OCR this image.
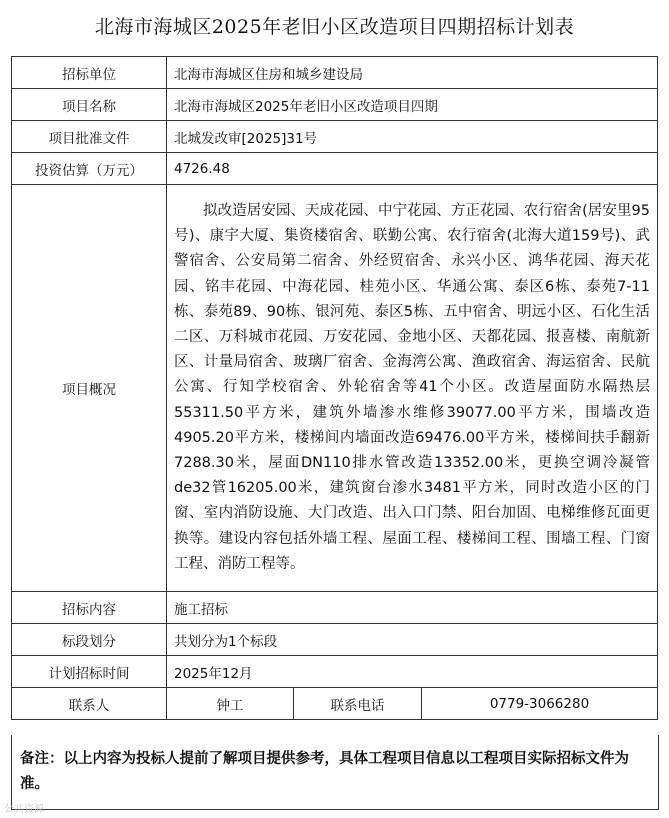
北海市海城区2025年老旧小区改造项目四期招标计划表
招标单位	北海市海城区住房和城乡建设局		
项目名称	北海市海城区2025年老旧小区改造项目四期		
项目批准文件	北城发改审[2025]31号		
投资估算（万元）	4726.48		
项目概况	拟改造居安园、天成花园、中宁花园、方正花园、农行宿舍(居安里95号)、康宇大厦、集资楼宿舍、联勤公寓、农行宿舍(北海大道159号)、武警宿舍、公安局第二宿舍、外经贸宿舍、永兴小区、鸿华花园、海天花园、铭丰花园、中海花园、桂苑小区、华通公寓、泰区6栋、泰苑7-11栋、泰苑89、90栋、银河苑、泰区5栋、五中宿舍、明远小区、石化生活二区、万科城市花园、万安花园、金地小区、天都花园、报喜楼、南航新区、计量局宿舍、玻璃厂宿舍、金海湾公寓、渔政宿舍、海运宿舍、民航公寓、行知学校宿舍、外轮宿舍等41个小区。改造屋面防水隔热层55311.50平方米，建筑外墙渗水维修39077.00平方米，围墙改造4905.20平方米，楼梯间内墙面改造69476.00平方米，楼梯间扶手翻新7288.30米，屋面DN110排水管改造13352.00米，更换空调冷凝管de32管16205.00米，建筑窗台渗水3481平方米，同时改造小区的门窗、室内消防设施、大门改造、出入口门禁、阳台加固、电梯维修瓦面更换等。建设内容包括外墙工程、屋面工程、楼梯间工程、围墙工程、门窗工程、消防工程等。		
招标内容	施工招标		
标段划分	共划分为1个标段		
计划招标时间	2025年12月		
联系人	钟工	联系电话	0779-3066280
备注：以上内容为投标人提前了解项目提供参考，具体工程项目信息以工程项目实际招标文件为准。
公共资源
